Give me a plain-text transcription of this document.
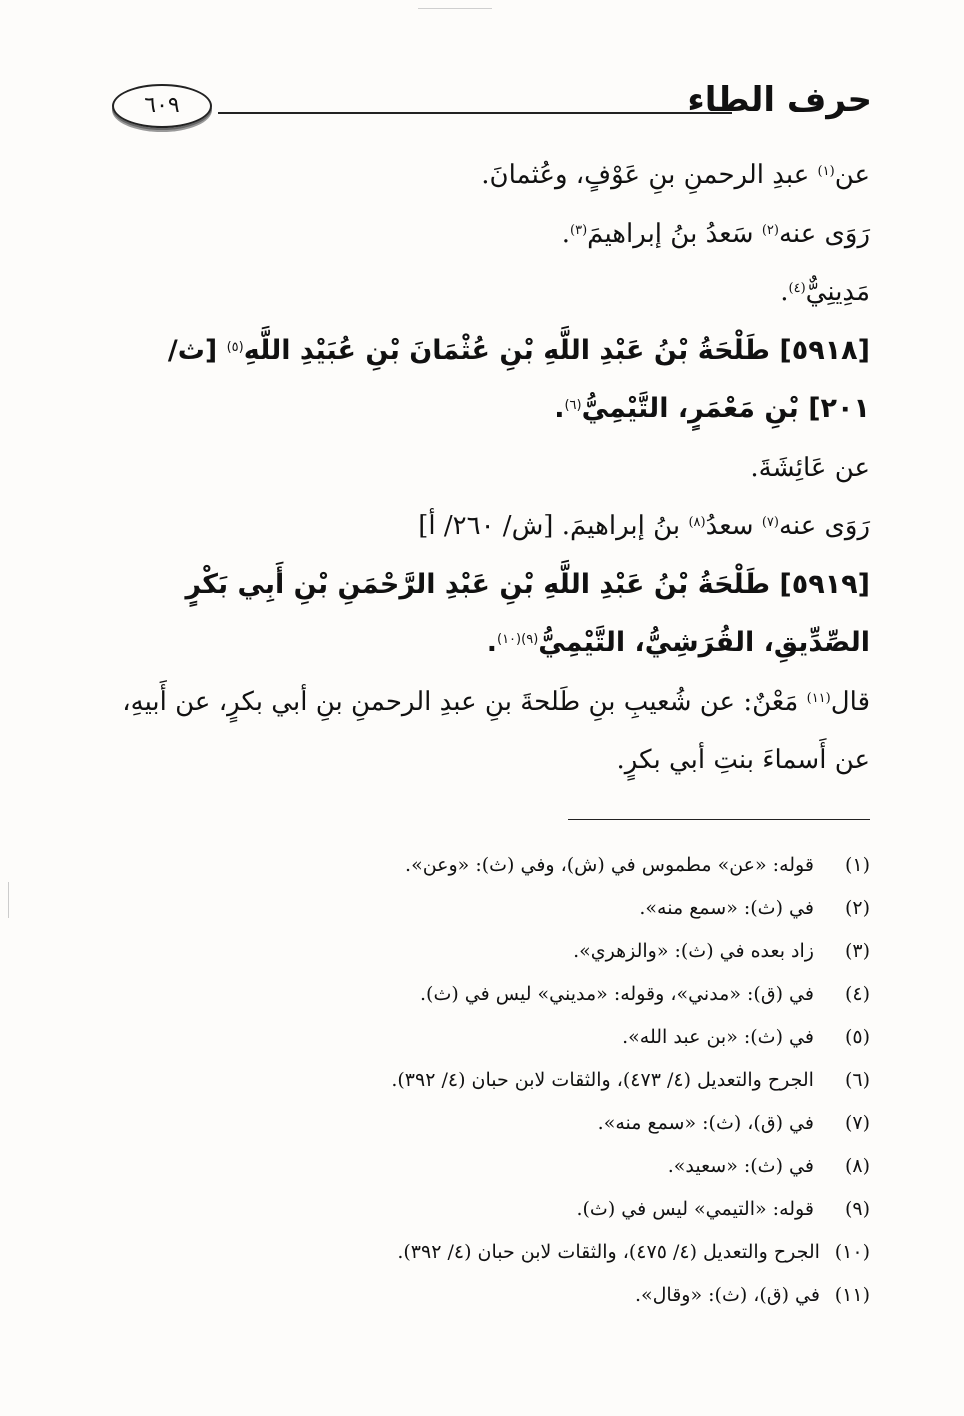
٦٠٩	حرف الطاء

عن$^{(١)}$ عبدِ الرحمنِ بنِ عَوْفٍ، وعُثمانَ.

رَوَى عنه$^{(٢)}$ سَعدُ بنُ إبراهيمَ$^{(٣)}$.

مَدِينِيٌّ$^{(٤)}$.

[٥٩١٨] طَلْحَةُ بْنُ عَبْدِ اللَّهِ بْنِ عُثْمَانَ بْنِ عُبَيْدِ اللَّهِ$^{(٥)}$ [ث/ ٢٠١] بْنِ مَعْمَرٍ، التَّيْمِيُّ$^{(٦)}$.

عن عَائِشَةَ.

رَوَى عنه$^{(٧)}$ سعدُ$^{(٨)}$ بنُ إبراهيمَ. [ش/ ٢٦٠/ أ]

[٥٩١٩] طَلْحَةُ بْنُ عَبْدِ اللَّهِ بْنِ عَبْدِ الرَّحْمَنِ بْنِ أَبِي بَكْرٍ الصِّدِّيقِ، القُرَشِيُّ، التَّيْمِيُّ$^{(٩)(١٠)}$.

قال$^{(١١)}$ مَعْنٌ: عن شُعيبِ بنِ طَلحةَ بنِ عبدِ الرحمنِ بنِ أبي بكرٍ، عن أَبيهِ، عن أَسماءَ بنتِ أبي بكرٍ.

(١) قوله: «عن» مطموس في (ش)، وفي (ث): «وعن».
(٢) في (ث): «سمع منه».
(٣) زاد بعده في (ث): «والزهري».
(٤) في (ق): «مدني»، وقوله: «مديني» ليس في (ث).
(٥) في (ث): «بن عبد الله».
(٦) الجرح والتعديل (٤/ ٤٧٣)، والثقات لابن حبان (٤/ ٣٩٢).
(٧) في (ق)، (ث): «سمع منه».
(٨) في (ث): «سعيد».
(٩) قوله: «التيمي» ليس في (ث).
(١٠) الجرح والتعديل (٤/ ٤٧٥)، والثقات لابن حبان (٤/ ٣٩٢).
(١١) في (ق)، (ث): «وقال».
